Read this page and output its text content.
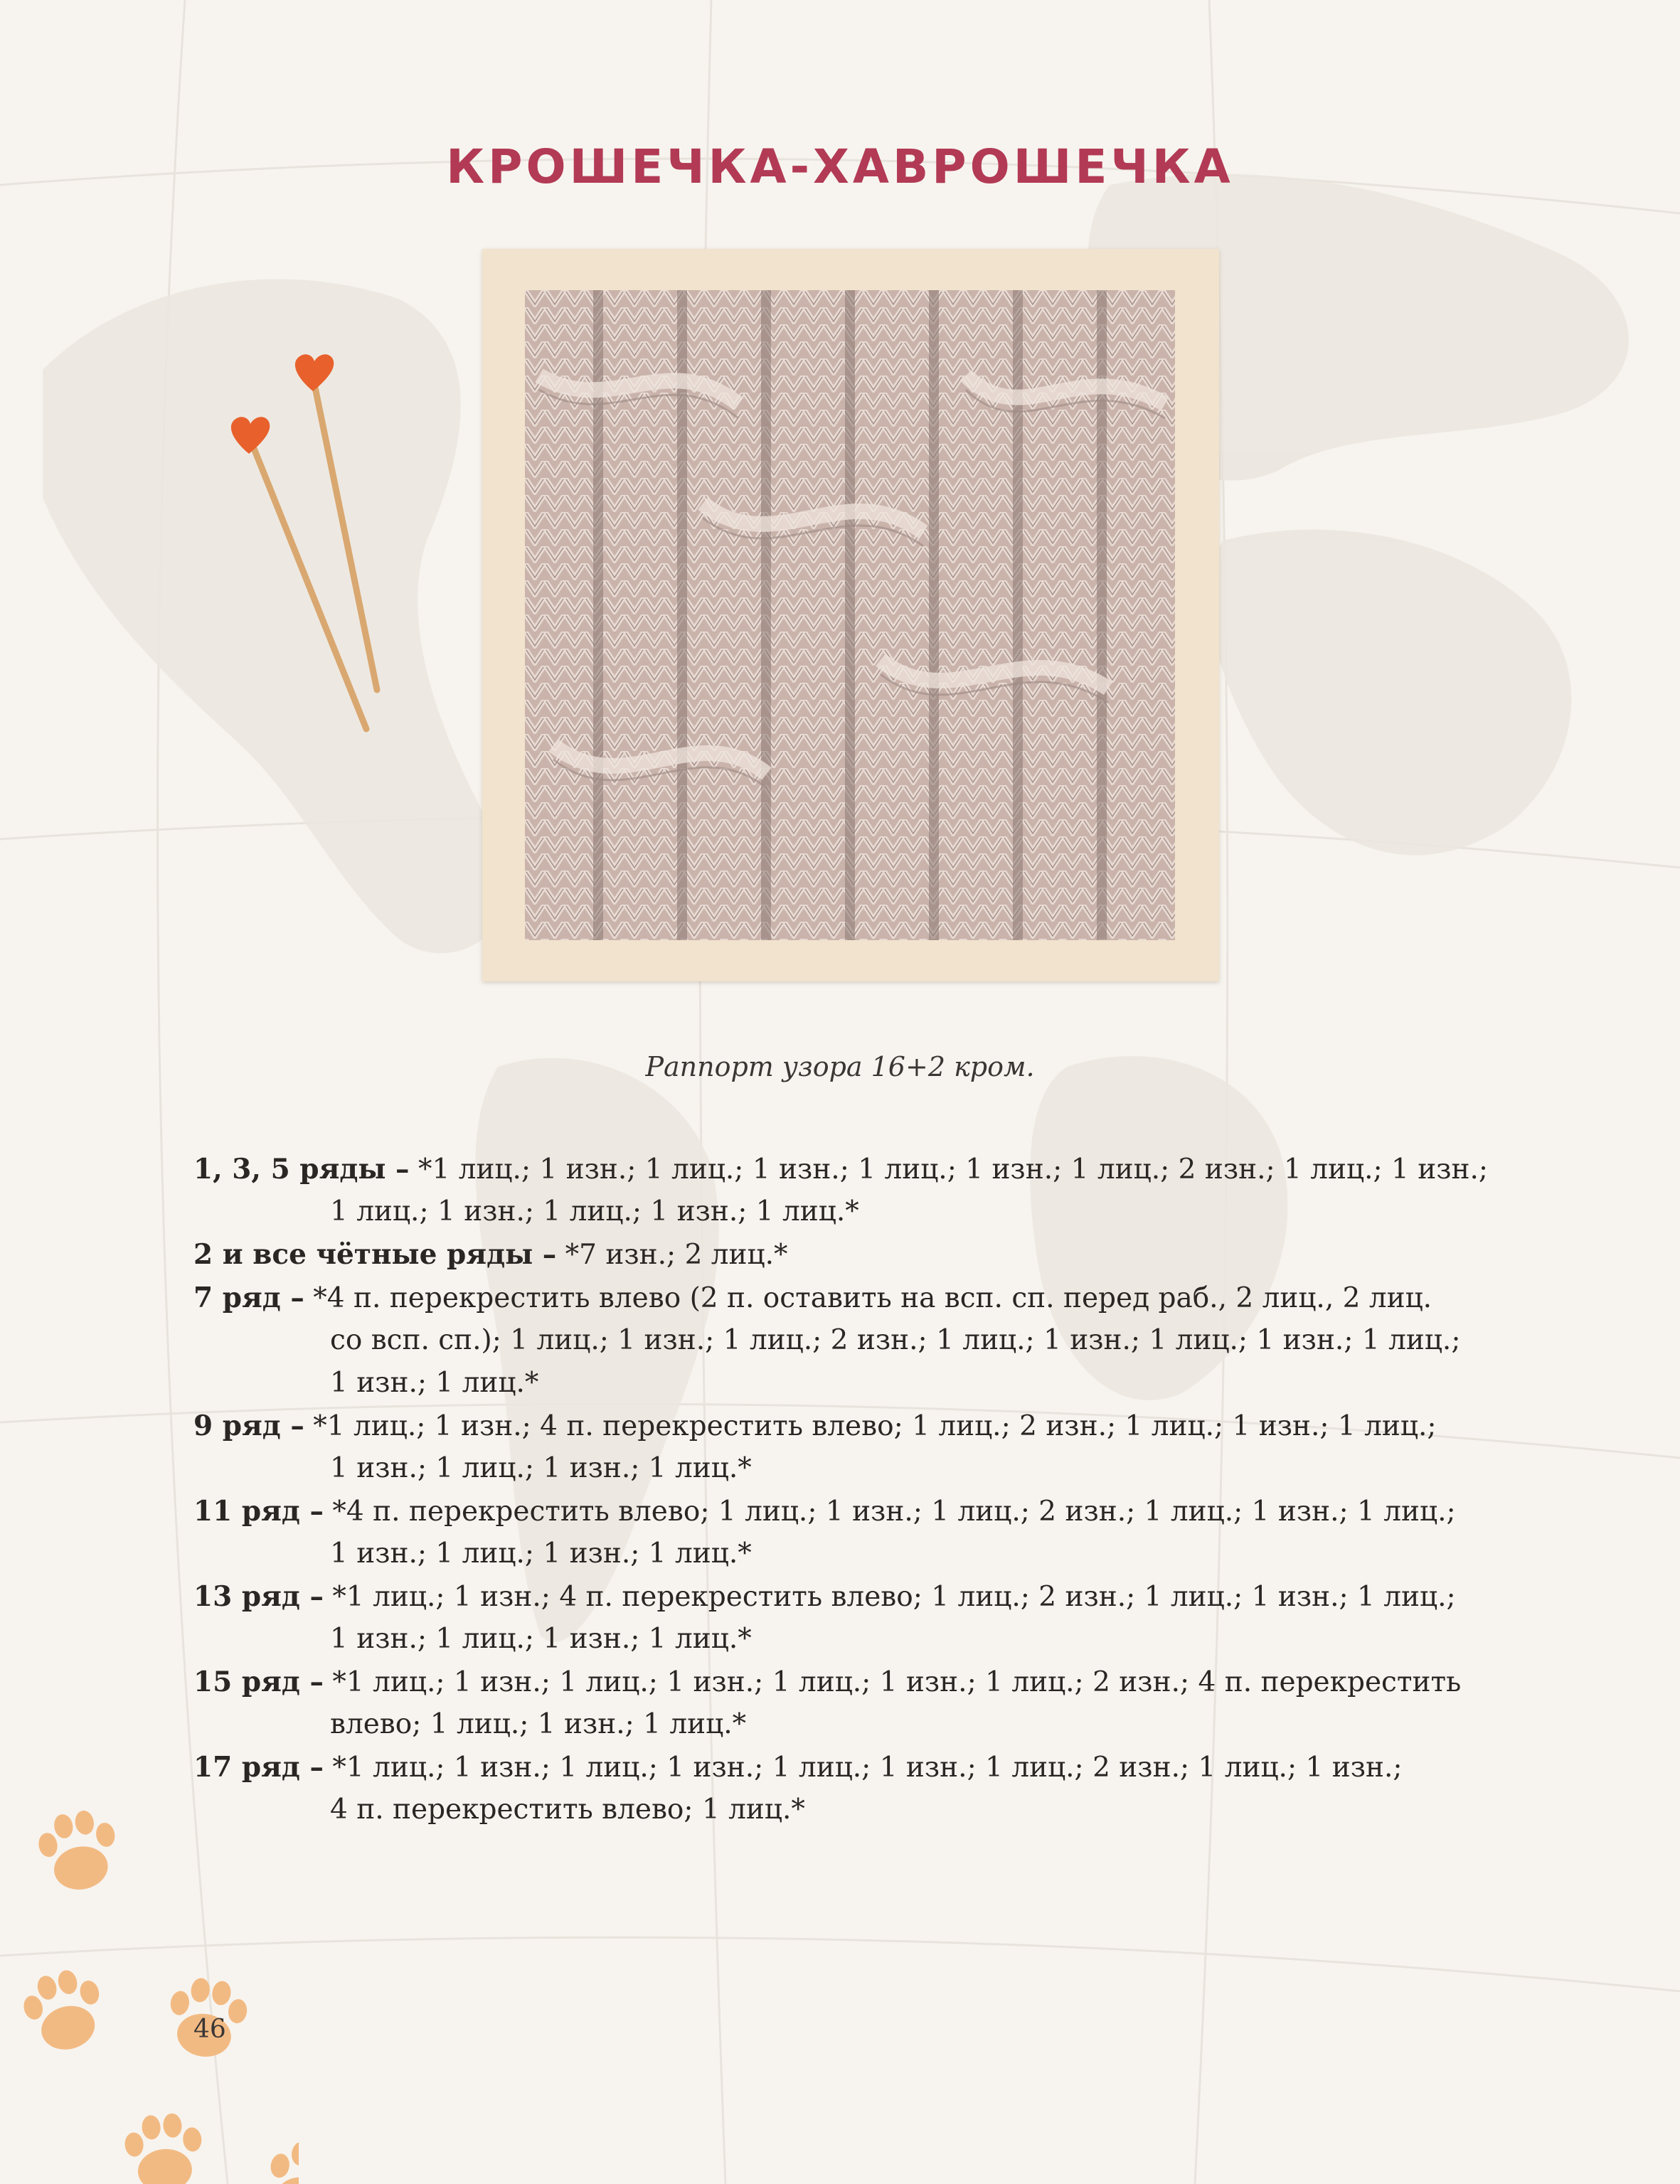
КРОШЕЧКА-ХАВРОШЕЧКА
Раппорт узора 16+2 кром.
1, 3, 5 ряды – *1 лиц.; 1 изн.; 1 лиц.; 1 изн.; 1 лиц.; 1 изн.; 1 лиц.; 2 изн.; 1 лиц.; 1 изн.;

1 лиц.; 1 изн.; 1 лиц.; 1 изн.; 1 лиц.*
2 и все чётные ряды – *7 изн.; 2 лиц.*
7 ряд – *4 п. перекрестить влево (2 п. оставить на всп. сп. перед раб., 2 лиц., 2 лиц.

со всп. сп.); 1 лиц.; 1 изн.; 1 лиц.; 2 изн.; 1 лиц.; 1 изн.; 1 лиц.; 1 изн.; 1 лиц.;
1 изн.; 1 лиц.*
9 ряд – *1 лиц.; 1 изн.; 4 п. перекрестить влево; 1 лиц.; 2 изн.; 1 лиц.; 1 изн.; 1 лиц.;

1 изн.; 1 лиц.; 1 изн.; 1 лиц.*
11 ряд – *4 п. перекрестить влево; 1 лиц.; 1 изн.; 1 лиц.; 2 изн.; 1 лиц.; 1 изн.; 1 лиц.;

1 изн.; 1 лиц.; 1 изн.; 1 лиц.*
13 ряд – *1 лиц.; 1 изн.; 4 п. перекрестить влево; 1 лиц.; 2 изн.; 1 лиц.; 1 изн.; 1 лиц.;

1 изн.; 1 лиц.; 1 изн.; 1 лиц.*
15 ряд – *1 лиц.; 1 изн.; 1 лиц.; 1 изн.; 1 лиц.; 1 изн.; 1 лиц.; 2 изн.; 4 п. перекрестить

влево; 1 лиц.; 1 изн.; 1 лиц.*
17 ряд – *1 лиц.; 1 изн.; 1 лиц.; 1 изн.; 1 лиц.; 1 изн.; 1 лиц.; 2 изн.; 1 лиц.; 1 изн.;

4 п. перекрестить влево; 1 лиц.*
46
